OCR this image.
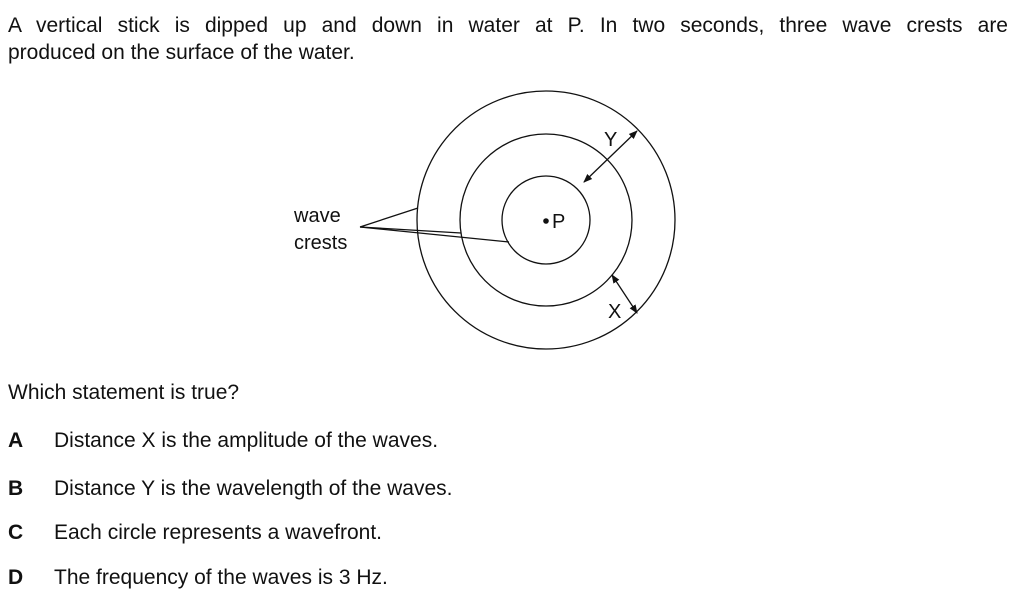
A vertical stick is dipped up and down in water at P. In two seconds, three wave crests are
produced on the surface of the water.
wave
crests
P
Y
X
Which statement is true?
A	Distance X is the amplitude of the waves.
B	Distance Y is the wavelength of the waves.
C	Each circle represents a wavefront.
D	The frequency of the waves is 3 Hz.
